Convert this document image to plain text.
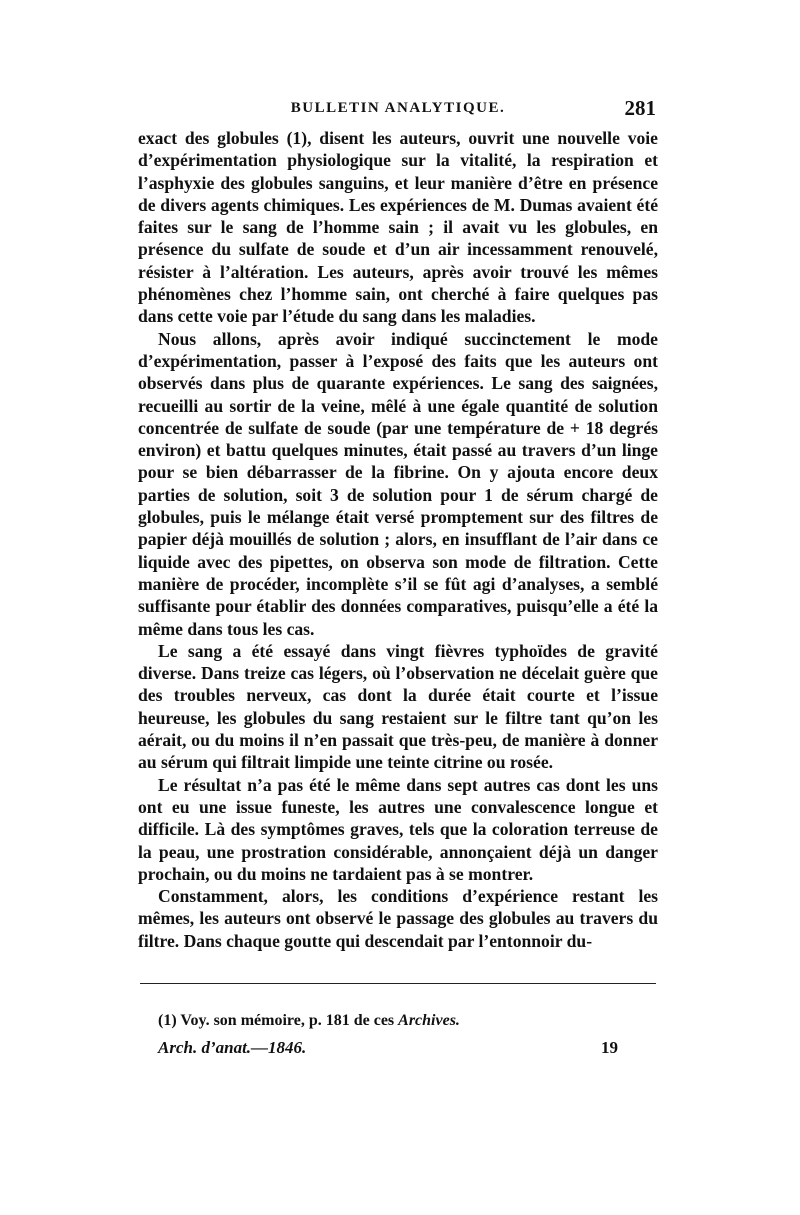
BULLETIN ANALYTIQUE.	281

exact des globules (1), disent les auteurs, ouvrit une nouvelle voie d’expérimentation physiologique sur la vitalité, la respiration et l’asphyxie des globules sanguins, et leur manière d’être en présence de divers agents chimiques. Les expériences de M. Dumas avaient été faites sur le sang de l’homme sain ; il avait vu les globules, en présence du sulfate de soude et d’un air incessamment renouvelé, résister à l’altération. Les auteurs, après avoir trouvé les mêmes phénomènes chez l’homme sain, ont cherché à faire quelques pas dans cette voie par l’étude du sang dans les maladies.

Nous allons, après avoir indiqué succinctement le mode d’expérimentation, passer à l’exposé des faits que les auteurs ont observés dans plus de quarante expériences. Le sang des saignées, recueilli au sortir de la veine, mêlé à une égale quantité de solution concentrée de sulfate de soude (par une température de + 18 degrés environ) et battu quelques minutes, était passé au travers d’un linge pour se bien débarrasser de la fibrine. On y ajouta encore deux parties de solution, soit 3 de solution pour 1 de sérum chargé de globules, puis le mélange était versé promptement sur des filtres de papier déjà mouillés de solution ; alors, en insufflant de l’air dans ce liquide avec des pipettes, on observa son mode de filtration. Cette manière de procéder, incomplète s’il se fût agi d’analyses, a semblé suffisante pour établir des données comparatives, puisqu’elle a été la même dans tous les cas.

Le sang a été essayé dans vingt fièvres typhoïdes de gravité diverse. Dans treize cas légers, où l’observation ne décelait guère que des troubles nerveux, cas dont la durée était courte et l’issue heureuse, les globules du sang restaient sur le filtre tant qu’on les aérait, ou du moins il n’en passait que très-peu, de manière à donner au sérum qui filtrait limpide une teinte citrine ou rosée.

Le résultat n’a pas été le même dans sept autres cas dont les uns ont eu une issue funeste, les autres une convalescence longue et difficile. Là des symptômes graves, tels que la coloration terreuse de la peau, une prostration considérable, annonçaient déjà un danger prochain, ou du moins ne tardaient pas à se montrer.

Constamment, alors, les conditions d’expérience restant les mêmes, les auteurs ont observé le passage des globules au travers du filtre. Dans chaque goutte qui descendait par l’entonnoir du-

(1) Voy. son mémoire, p. 181 de ces Archives.
Arch. d’anat.—1846.	19
